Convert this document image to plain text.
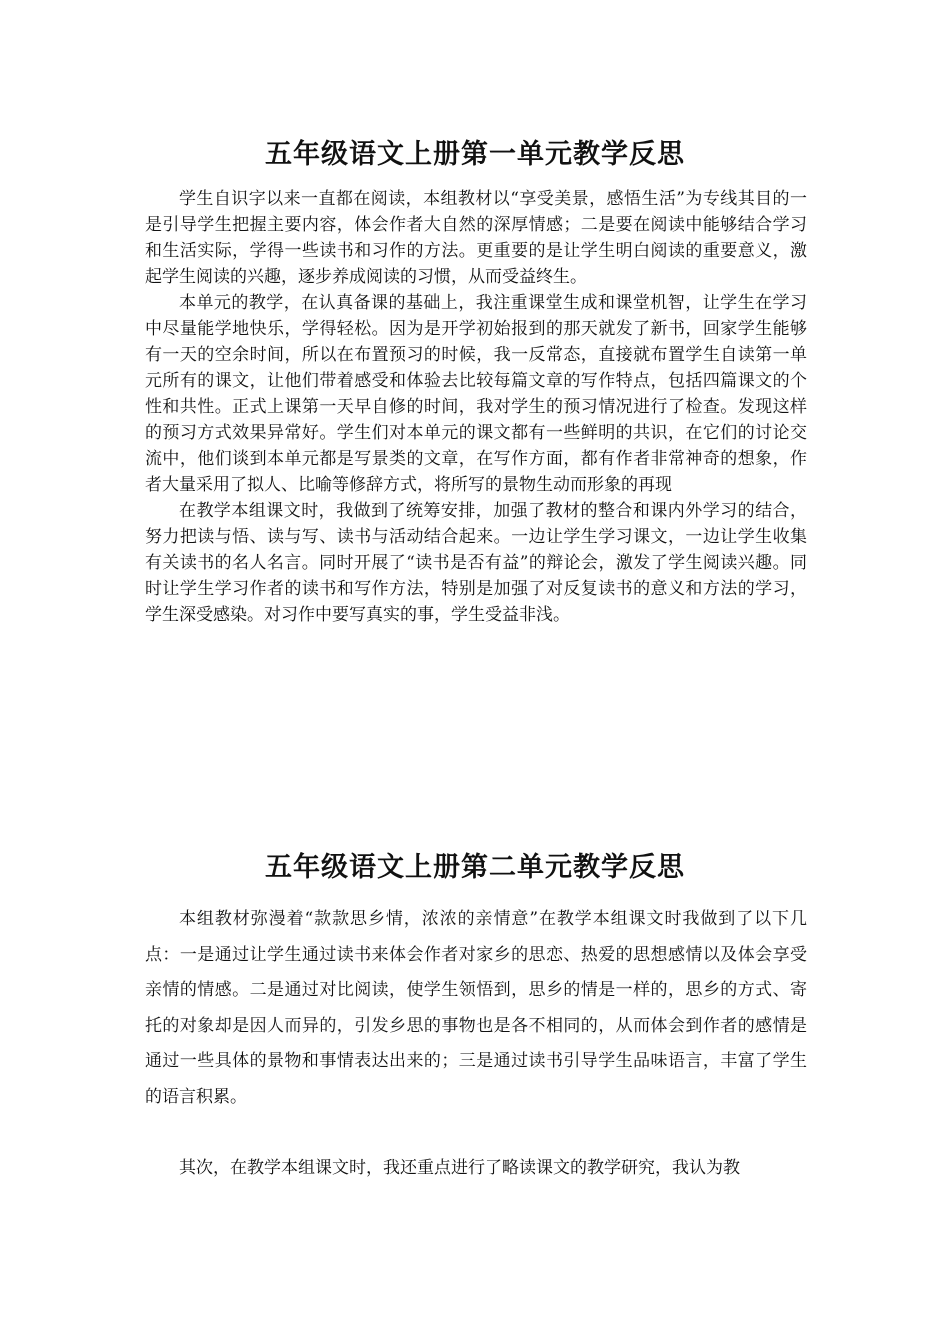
五年级语文上册第一单元教学反思

学生自识字以来一直都在阅读，本组教材以“享受美景，感悟生活”为专线其目的一是引导学生把握主要内容，体会作者大自然的深厚情感；二是要在阅读中能够结合学习和生活实际，学得一些读书和习作的方法。更重要的是让学生明白阅读的重要意义，激起学生阅读的兴趣，逐步养成阅读的习惯，从而受益终生。

本单元的教学，在认真备课的基础上，我注重课堂生成和课堂机智，让学生在学习中尽量能学地快乐，学得轻松。因为是开学初始报到的那天就发了新书，回家学生能够有一天的空余时间，所以在布置预习的时候，我一反常态，直接就布置学生自读第一单元所有的课文，让他们带着感受和体验去比较每篇文章的写作特点，包括四篇课文的个性和共性。正式上课第一天早自修的时间，我对学生的预习情况进行了检查。发现这样的预习方式效果异常好。学生们对本单元的课文都有一些鲜明的共识，在它们的讨论交流中，他们谈到本单元都是写景类的文章，在写作方面，都有作者非常神奇的想象，作者大量采用了拟人、比喻等修辞方式，将所写的景物生动而形象的再现

在教学本组课文时，我做到了统筹安排，加强了教材的整合和课内外学习的结合，努力把读与悟、读与写、读书与活动结合起来。一边让学生学习课文，一边让学生收集有关读书的名人名言。同时开展了“读书是否有益”的辩论会，激发了学生阅读兴趣。同时让学生学习作者的读书和写作方法，特别是加强了对反复读书的意义和方法的学习，学生深受感染。对习作中要写真实的事，学生受益非浅。

五年级语文上册第二单元教学反思

本组教材弥漫着“款款思乡情，浓浓的亲情意”在教学本组课文时我做到了以下几点：一是通过让学生通过读书来体会作者对家乡的思恋、热爱的思想感情以及体会享受亲情的情感。二是通过对比阅读，使学生领悟到，思乡的情是一样的，思乡的方式、寄托的对象却是因人而异的，引发乡思的事物也是各不相同的，从而体会到作者的感情是通过一些具体的景物和事情表达出来的；三是通过读书引导学生品味语言，丰富了学生的语言积累。

其次，在教学本组课文时，我还重点进行了略读课文的教学研究，我认为教
